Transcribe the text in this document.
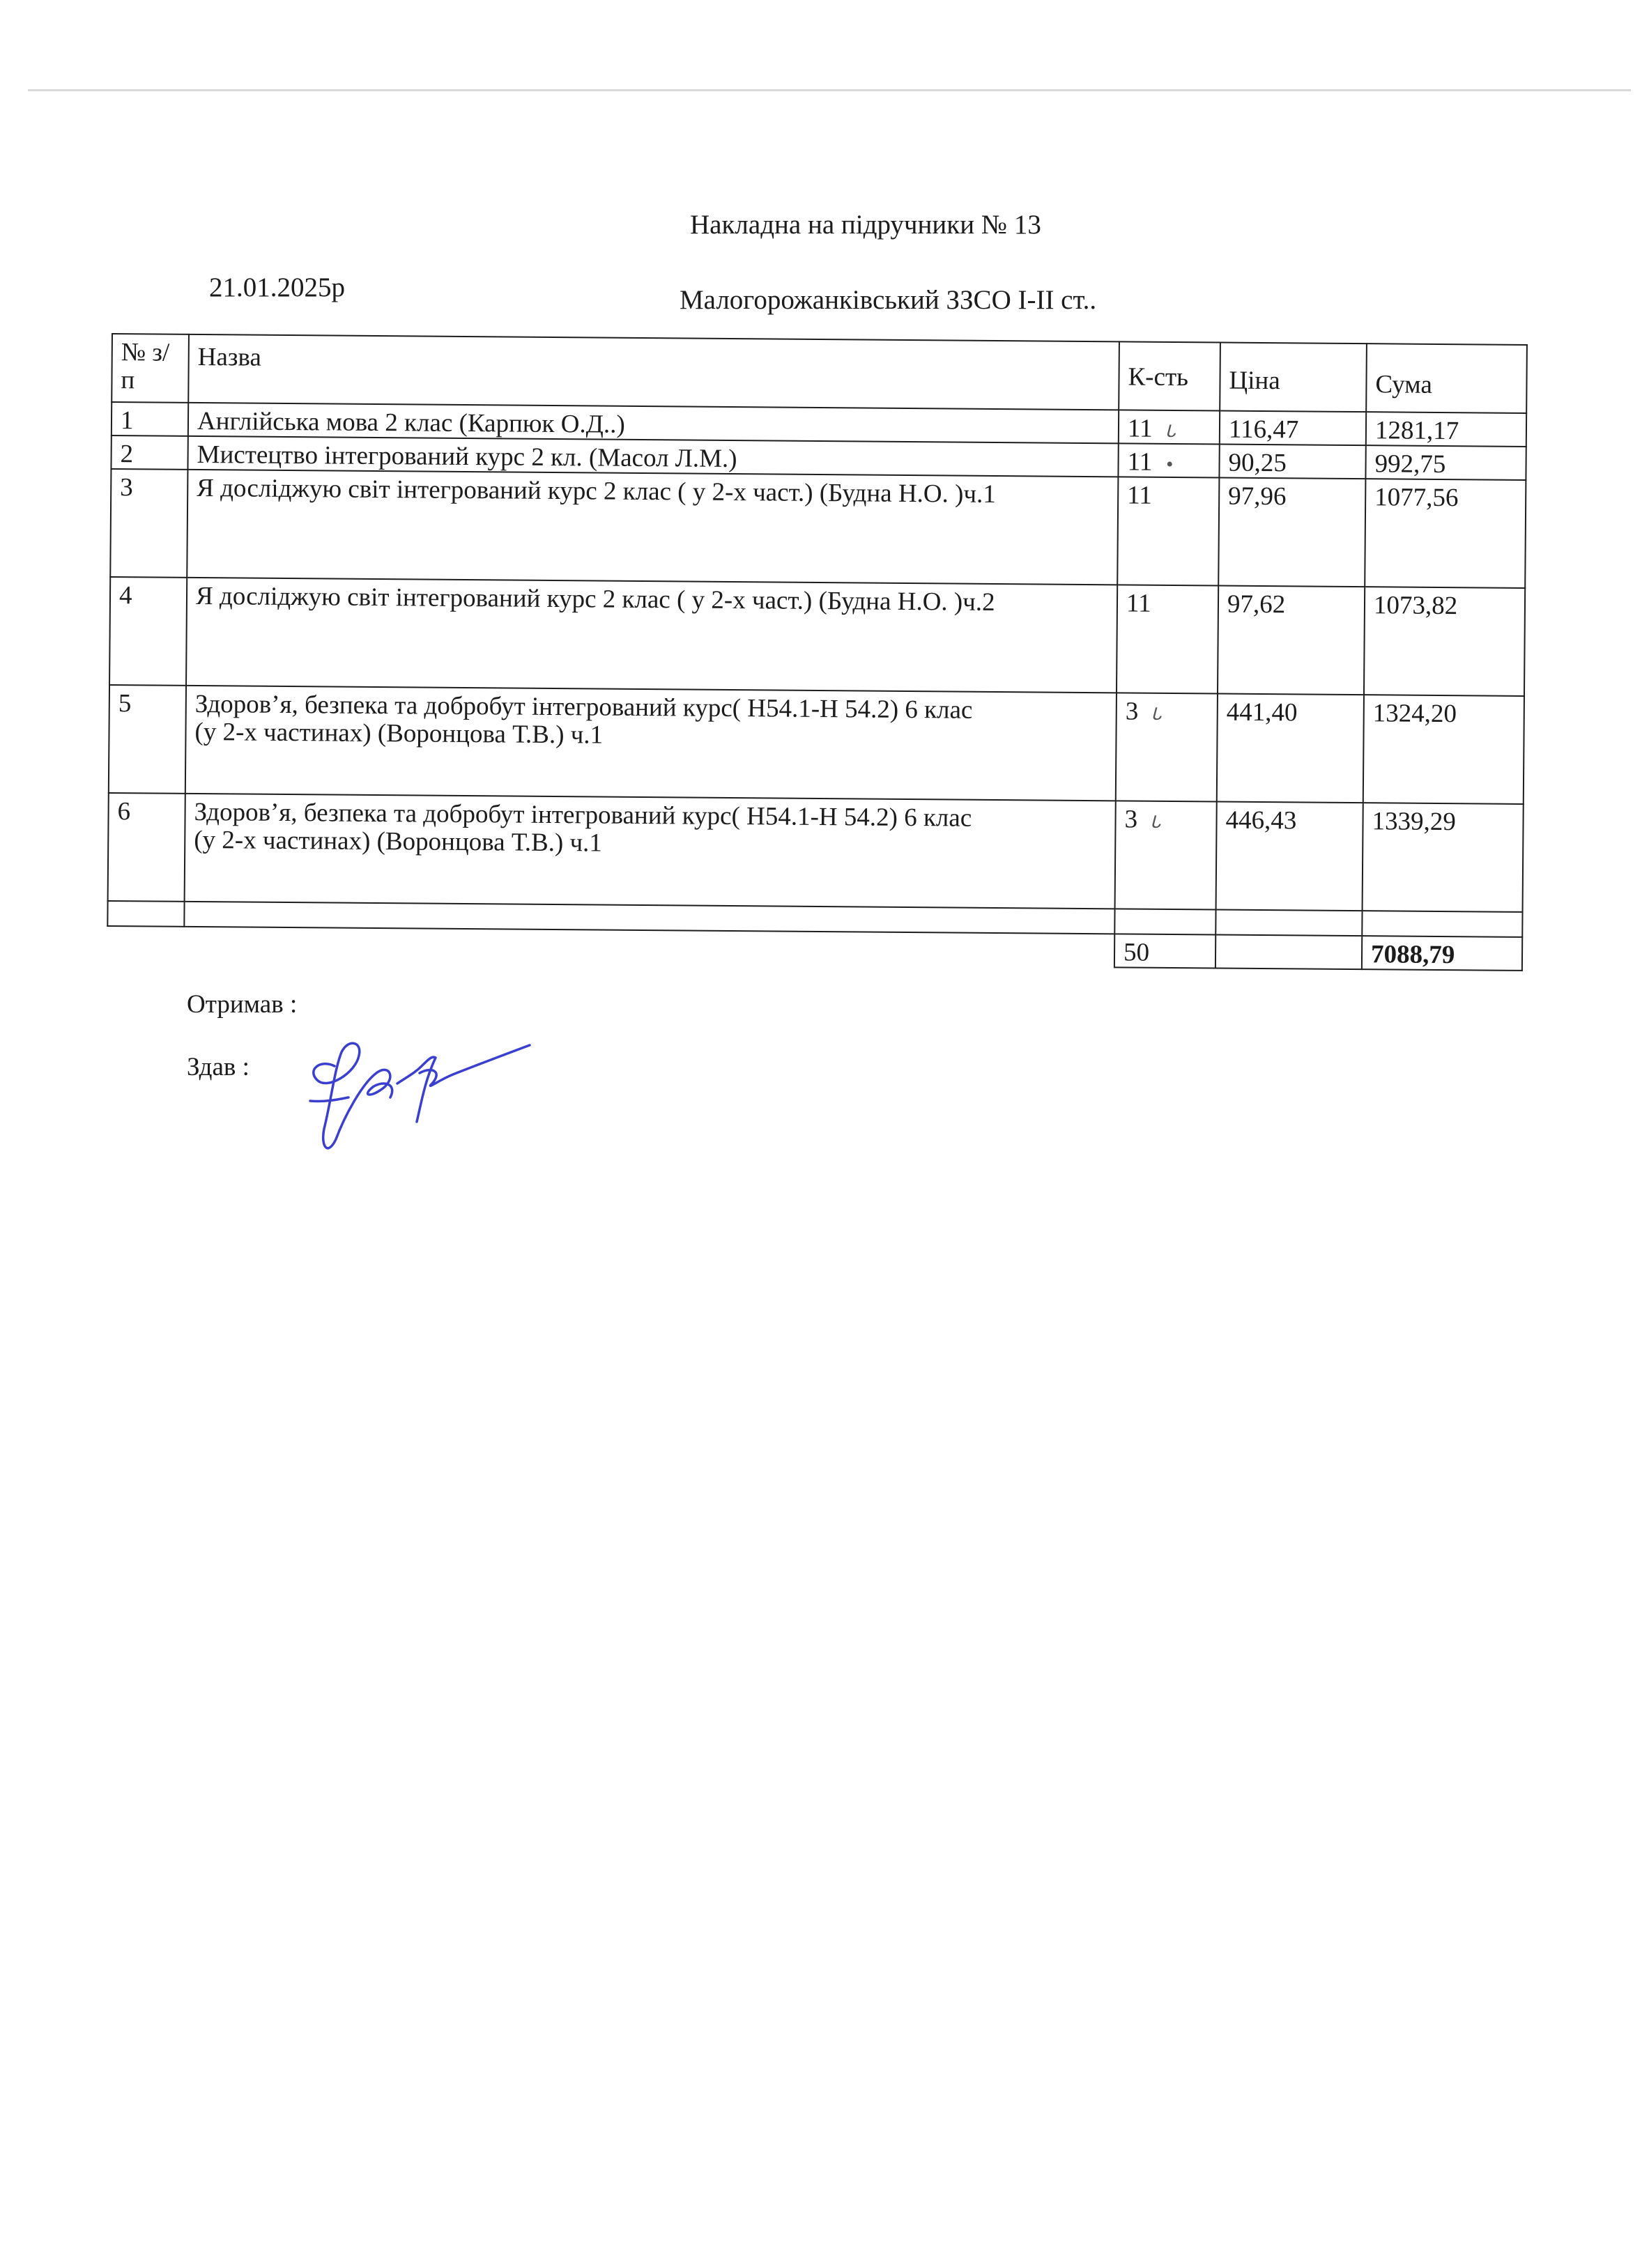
Накладна на підручники № 13
21.01.2025р	Малогорожанківський ЗЗСО І-ІІ ст..
№ з/п	Назва	К-сть	Ціна	Сума
1	Англійська мова 2 клас (Карпюк О.Д..)	11 ᒐ	116,47	1281,17
2	Мистецтво інтегрований курс 2 кл. (Масол Л.М.)	11 •	90,25	992,75
3	Я досліджую світ інтегрований курс 2 клас ( у 2-х част.) (Будна Н.О. )ч.1	11	97,96	1077,56
4	Я досліджую світ інтегрований курс 2 клас ( у 2-х част.) (Будна Н.О. )ч.2	11	97,62	1073,82
5	Здоров’я, безпека та добробут інтегрований курс( Н54.1-Н 54.2) 6 клас
(у 2-х частинах) (Воронцова Т.В.) ч.1	3 ᒐ	441,40	1324,20
6	Здоров’я, безпека та добробут інтегрований курс( Н54.1-Н 54.2) 6 клас
(у 2-х частинах) (Воронцова Т.В.) ч.1	3 ᒐ	446,43	1339,29

		50		7088,79
Отримав :
Здав :
